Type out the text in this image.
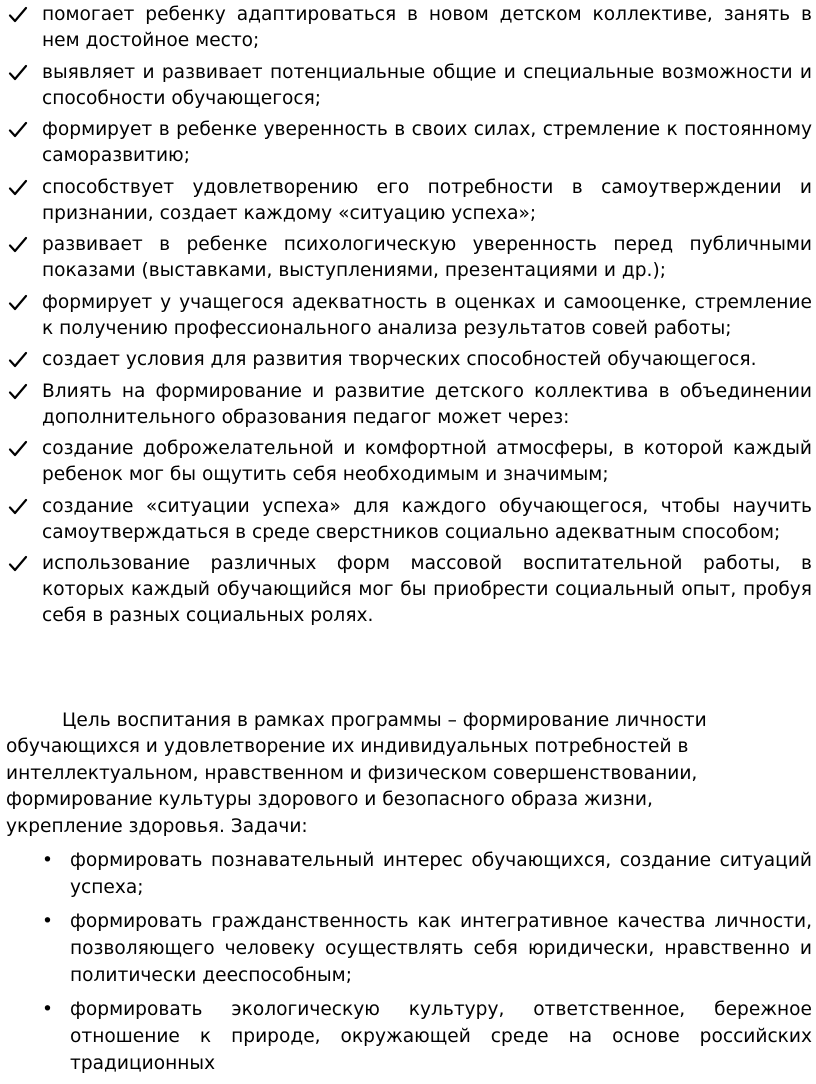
помогает ребенку адаптироваться в новом детском коллективе, занять в нем достойное место;
выявляет и развивает потенциальные общие и специальные возможности и способности обучающегося;
формирует в ребенке уверенность в своих силах, стремление к постоянному саморазвитию;
способствует удовлетворению его потребности в самоутверждении и признании, создает каждому «ситуацию успеха»;
развивает в ребенке психологическую уверенность перед публичными показами (выставками, выступлениями, презентациями и др.);
формирует у учащегося адекватность в оценках и самооценке, стремление к получению профессионального анализа результатов совей работы;
создает условия для развития творческих способностей обучающегося.
Влиять на формирование и развитие детского коллектива в объединении дополнительного образования педагог может через:
создание доброжелательной и комфортной атмосферы, в которой каждый ребенок мог бы ощутить себя необходимым и значимым;
создание «ситуации успеха» для каждого обучающегося, чтобы научить самоутверждаться в среде сверстников социально адекватным способом;
использование различных форм массовой воспитательной работы, в которых каждый обучающийся мог бы приобрести социальный опыт, пробуя себя в разных социальных ролях.

Цель воспитания в рамках программы – формирование личности обучающихся и удовлетворение их индивидуальных потребностей в интеллектуальном, нравственном и физическом совершенствовании, формирование культуры здорового и безопасного образа жизни, укрепление здоровья. Задачи:

• формировать познавательный интерес обучающихся, создание ситуаций успеха;
• формировать гражданственность как интегративное качества личности, позволяющего человеку осуществлять себя юридически, нравственно и политически дееспособным;
• формировать экологическую культуру, ответственное, бережное отношение к природе, окружающей среде на основе российских традиционных
